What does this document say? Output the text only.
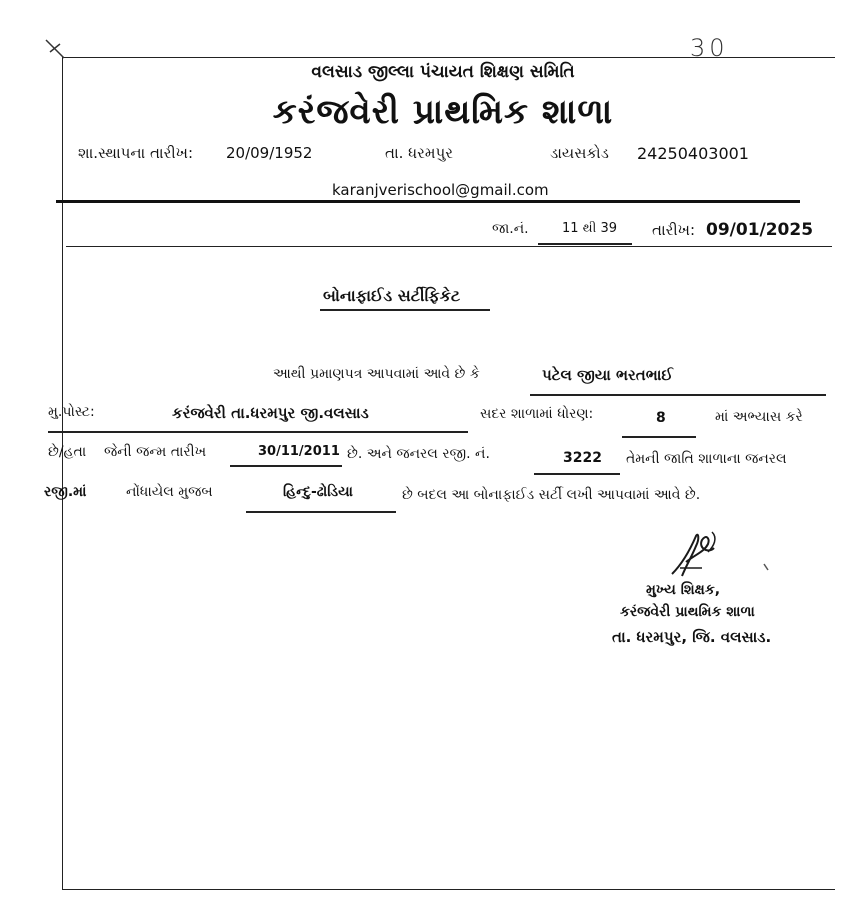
30
વલસાડ જીલ્લા પંચાયત શિક્ષણ સમિતિ
કરંજવેરી પ્રાથમિક શાળા
શા.સ્થાપના તારીખ: 20/09/1952	તા. ધરમપુર	ડાયસકોડ 24250403001
karanjverischool@gmail.com
જા.નં.	11 થી 39 તારીખ: 09/01/2025
બોનાફાઈડ સર્ટીફિકેટ
આથી પ્રમાણપત્ર આપવામાં આવે છે કે	પટેલ જીયા ભરતભાઈ
મુ.પોસ્ટ:	કરંજવેરી તા.ધરમપુર જી.વલસાડ	સદર શાળામાં ધોરણ:	8	માં અભ્યાસ કરે
છે/હતા જેની જન્મ તારીખ	30/11/2011 છે. અને જનરલ રજી. નં.	3222 તેમની જાતિ શાળાના જનરલ
રજી.માં	નોંધાયેલ મુજબ	હિન્દુ-ઢોડિયા	છે બદલ આ બોનાફાઈડ સર્ટી લખી આપવામાં આવે છે.
મુખ્ય શિક્ષક,
કરંજવેરી પ્રાથમિક શાળા
તા. ધરમપુર, જિ. વલસાડ.
